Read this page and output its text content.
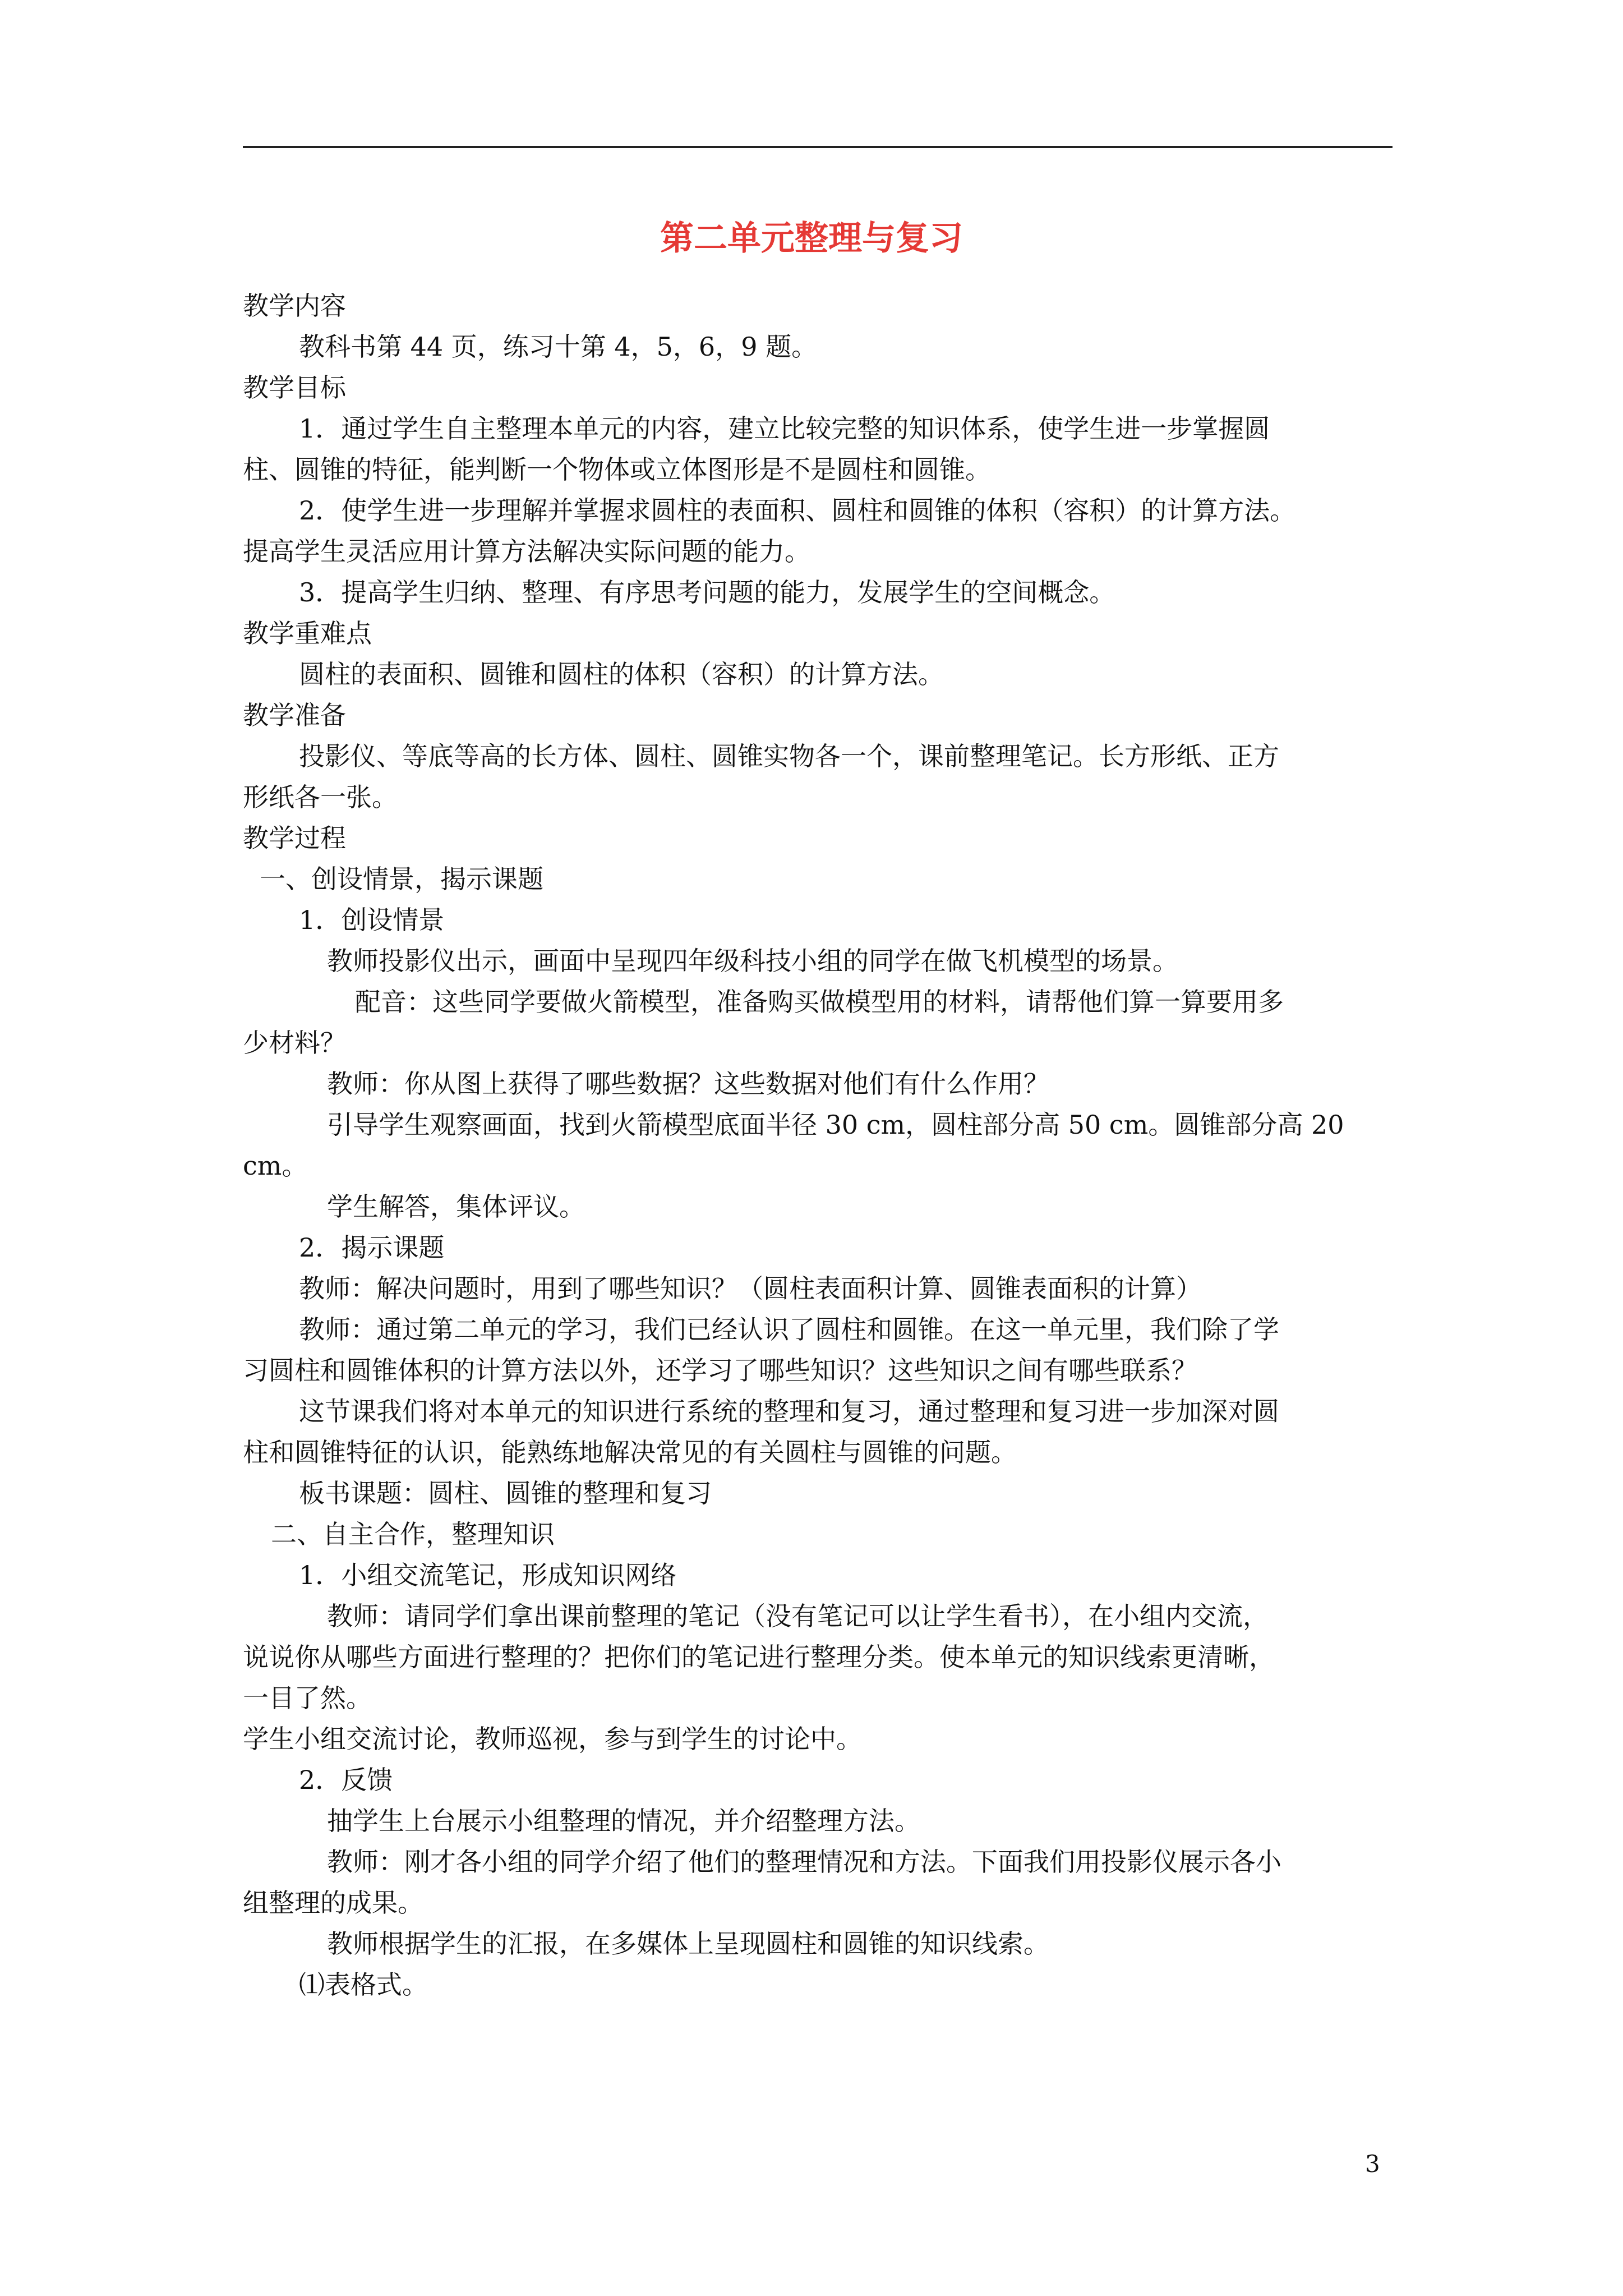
第二单元整理与复习

教学内容

教科书第 44 页，练习十第 4，5，6，9 题。

教学目标

1．通过学生自主整理本单元的内容，建立比较完整的知识体系，使学生进一步掌握圆

柱、圆锥的特征，能判断一个物体或立体图形是不是圆柱和圆锥。

2．使学生进一步理解并掌握求圆柱的表面积、圆柱和圆锥的体积（容积）的计算方法。

提高学生灵活应用计算方法解决实际问题的能力。

3．提高学生归纳、整理、有序思考问题的能力，发展学生的空间概念。

教学重难点

圆柱的表面积、圆锥和圆柱的体积（容积）的计算方法。

教学准备

投影仪、等底等高的长方体、圆柱、圆锥实物各一个，课前整理笔记。长方形纸、正方

形纸各一张。

教学过程

一、创设情景，揭示课题

1．创设情景

教师投影仪出示，画面中呈现四年级科技小组的同学在做飞机模型的场景。

配音：这些同学要做火箭模型，准备购买做模型用的材料，请帮他们算一算要用多

少材料？

教师：你从图上获得了哪些数据？这些数据对他们有什么作用？

引导学生观察画面，找到火箭模型底面半径 30 cm，圆柱部分高 50 cm。圆锥部分高 20

cm。

学生解答，集体评议。

2．揭示课题

教师：解决问题时，用到了哪些知识？（圆柱表面积计算、圆锥表面积的计算）

教师：通过第二单元的学习，我们已经认识了圆柱和圆锥。在这一单元里，我们除了学

习圆柱和圆锥体积的计算方法以外，还学习了哪些知识？这些知识之间有哪些联系？

这节课我们将对本单元的知识进行系统的整理和复习，通过整理和复习进一步加深对圆

柱和圆锥特征的认识，能熟练地解决常见的有关圆柱与圆锥的问题。

板书课题：圆柱、圆锥的整理和复习

二、自主合作，整理知识

1．小组交流笔记，形成知识网络

教师：请同学们拿出课前整理的笔记（没有笔记可以让学生看书），在小组内交流，

说说你从哪些方面进行整理的？把你们的笔记进行整理分类。使本单元的知识线索更清晰，

一目了然。

学生小组交流讨论，教师巡视，参与到学生的讨论中。

2．反馈

抽学生上台展示小组整理的情况，并介绍整理方法。

教师：刚才各小组的同学介绍了他们的整理情况和方法。下面我们用投影仪展示各小

组整理的成果。

教师根据学生的汇报，在多媒体上呈现圆柱和圆锥的知识线索。

⑴表格式。

3
